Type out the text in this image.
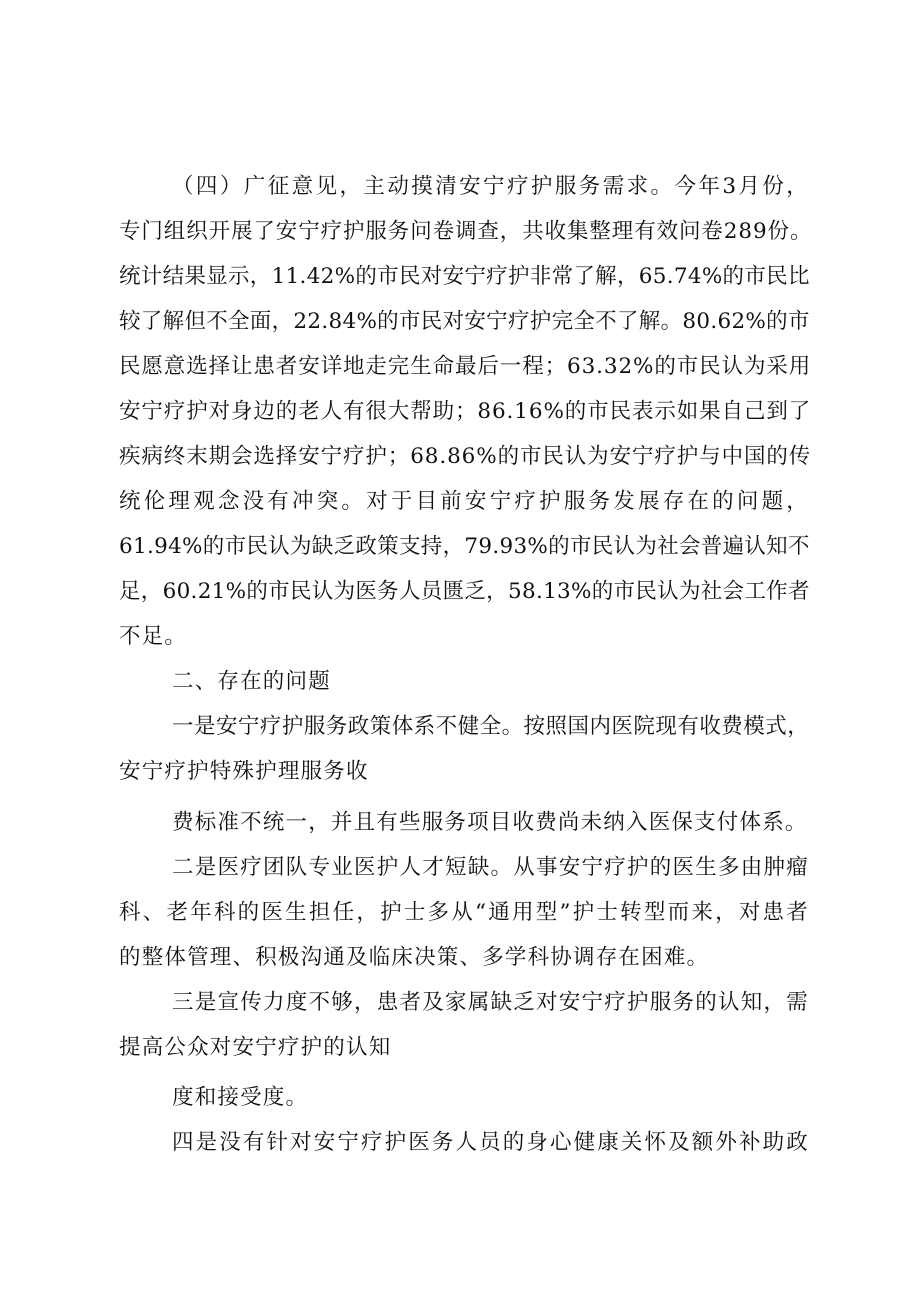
（四）广征意见，主动摸清安宁疗护服务需求。今年3月份，
专门组织开展了安宁疗护服务问卷调查，共收集整理有效问卷289份。
统计结果显示，11.42%的市民对安宁疗护非常了解，65.74%的市民比
较了解但不全面，22.84%的市民对安宁疗护完全不了解。80.62%的市
民愿意选择让患者安详地走完生命最后一程；63.32%的市民认为采用
安宁疗护对身边的老人有很大帮助；86.16%的市民表示如果自己到了
疾病终末期会选择安宁疗护；68.86%的市民认为安宁疗护与中国的传
统伦理观念没有冲突。对于目前安宁疗护服务发展存在的问题，
61.94%的市民认为缺乏政策支持，79.93%的市民认为社会普遍认知不
足，60.21%的市民认为医务人员匮乏，58.13%的市民认为社会工作者
不足。
二、存在的问题
一是安宁疗护服务政策体系不健全。按照国内医院现有收费模式，
安宁疗护特殊护理服务收
费标准不统一，并且有些服务项目收费尚未纳入医保支付体系。
二是医疗团队专业医护人才短缺。从事安宁疗护的医生多由肿瘤
科、老年科的医生担任，护士多从“通用型”护士转型而来，对患者
的整体管理、积极沟通及临床决策、多学科协调存在困难。
三是宣传力度不够，患者及家属缺乏对安宁疗护服务的认知，需
提高公众对安宁疗护的认知
度和接受度。
四是没有针对安宁疗护医务人员的身心健康关怀及额外补助政
